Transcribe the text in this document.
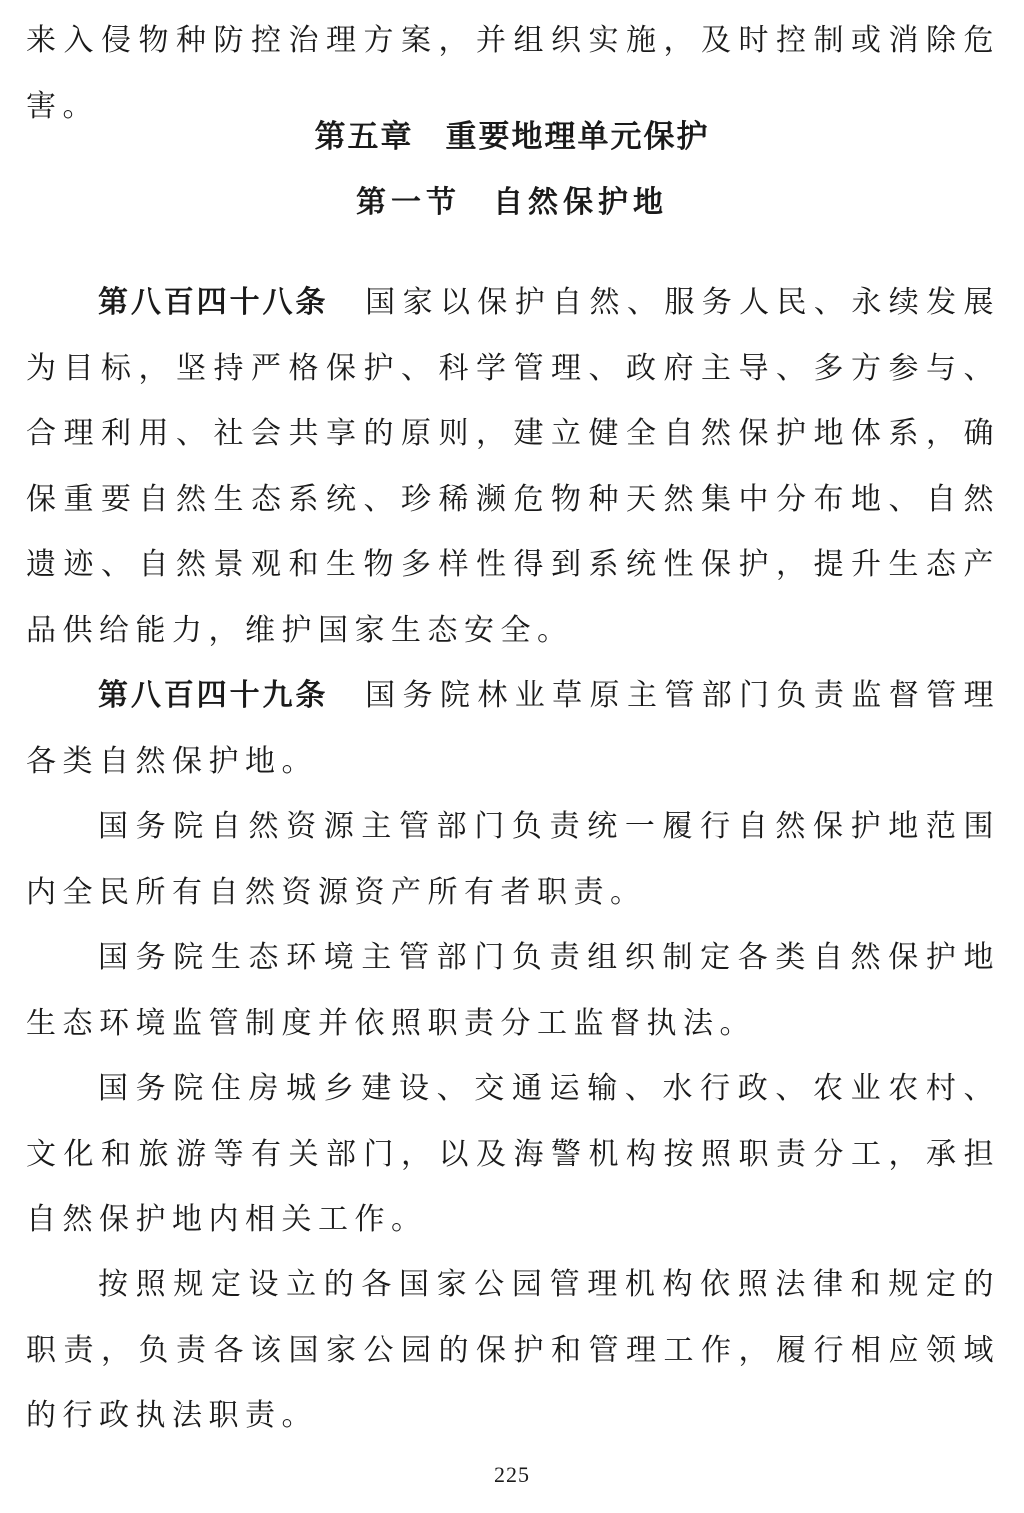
来入侵物种防控治理方案，并组织实施，及时控制或消除危害。

第五章 重要地理单元保护
第一节 自然保护地

第八百四十八条 国家以保护自然、服务人民、永续发展为目标，坚持严格保护、科学管理、政府主导、多方参与、合理利用、社会共享的原则，建立健全自然保护地体系，确保重要自然生态系统、珍稀濒危物种天然集中分布地、自然遗迹、自然景观和生物多样性得到系统性保护，提升生态产品供给能力，维护国家生态安全。

第八百四十九条 国务院林业草原主管部门负责监督管理各类自然保护地。

国务院自然资源主管部门负责统一履行自然保护地范围内全民所有自然资源资产所有者职责。

国务院生态环境主管部门负责组织制定各类自然保护地生态环境监管制度并依照职责分工监督执法。

国务院住房城乡建设、交通运输、水行政、农业农村、文化和旅游等有关部门，以及海警机构按照职责分工，承担自然保护地内相关工作。

按照规定设立的各国家公园管理机构依照法律和规定的职责，负责各该国家公园的保护和管理工作，履行相应领域的行政执法职责。

225
